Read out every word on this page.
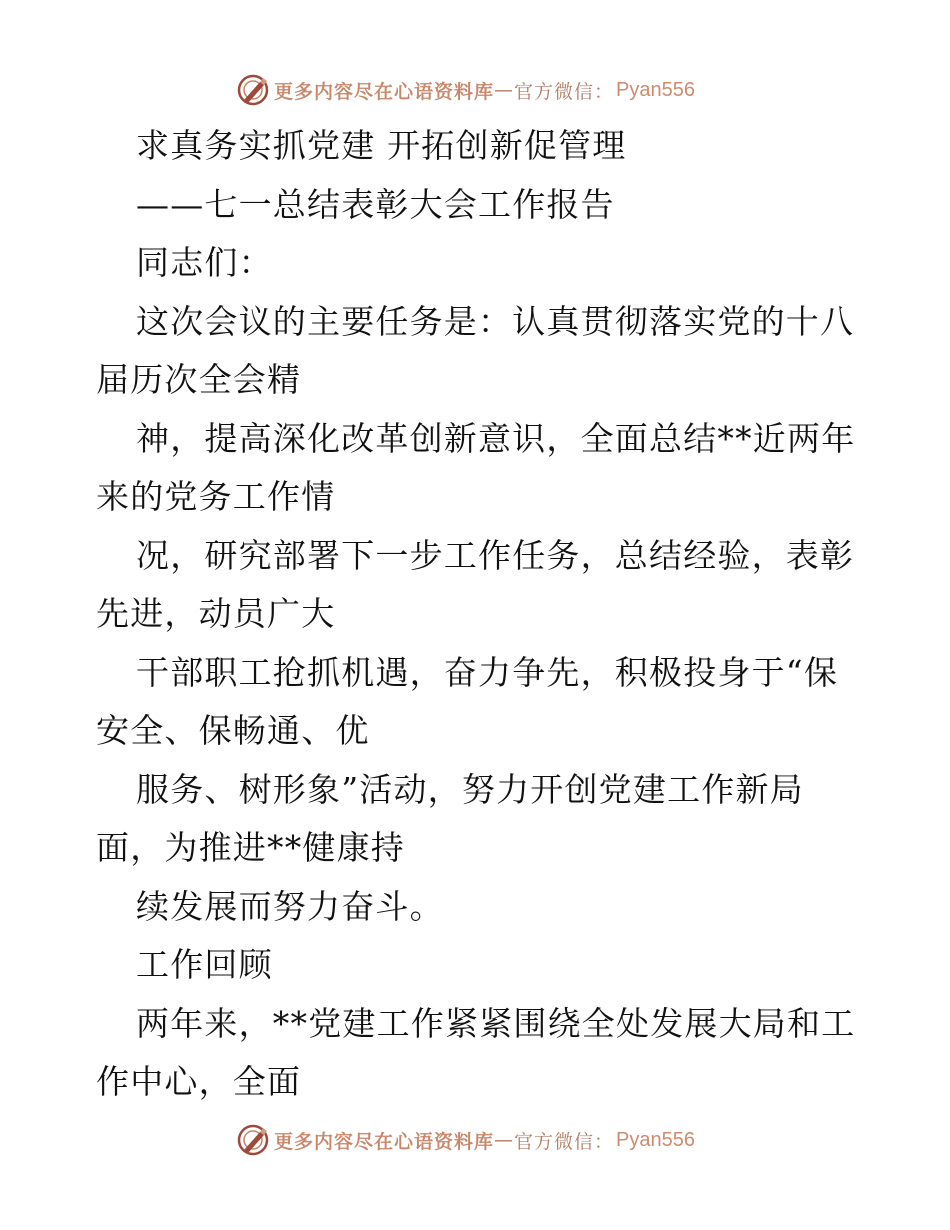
更多内容尽在心语资料库 — 官方微信： Pyan556
求真务实抓党建 开拓创新促管理
——七一总结表彰大会工作报告
同志们：
这次会议的主要任务是：认真贯彻落实党的十八
届历次全会精
神，提高深化改革创新意识，全面总结**近两年
来的党务工作情
况，研究部署下一步工作任务，总结经验，表彰
先进，动员广大
干部职工抢抓机遇，奋力争先，积极投身于“保
安全、保畅通、优
服务、树形象”活动，努力开创党建工作新局
面，为推进**健康持
续发展而努力奋斗。
工作回顾
两年来，**党建工作紧紧围绕全处发展大局和工
作中心，全面
更多内容尽在心语资料库 — 官方微信： Pyan556
